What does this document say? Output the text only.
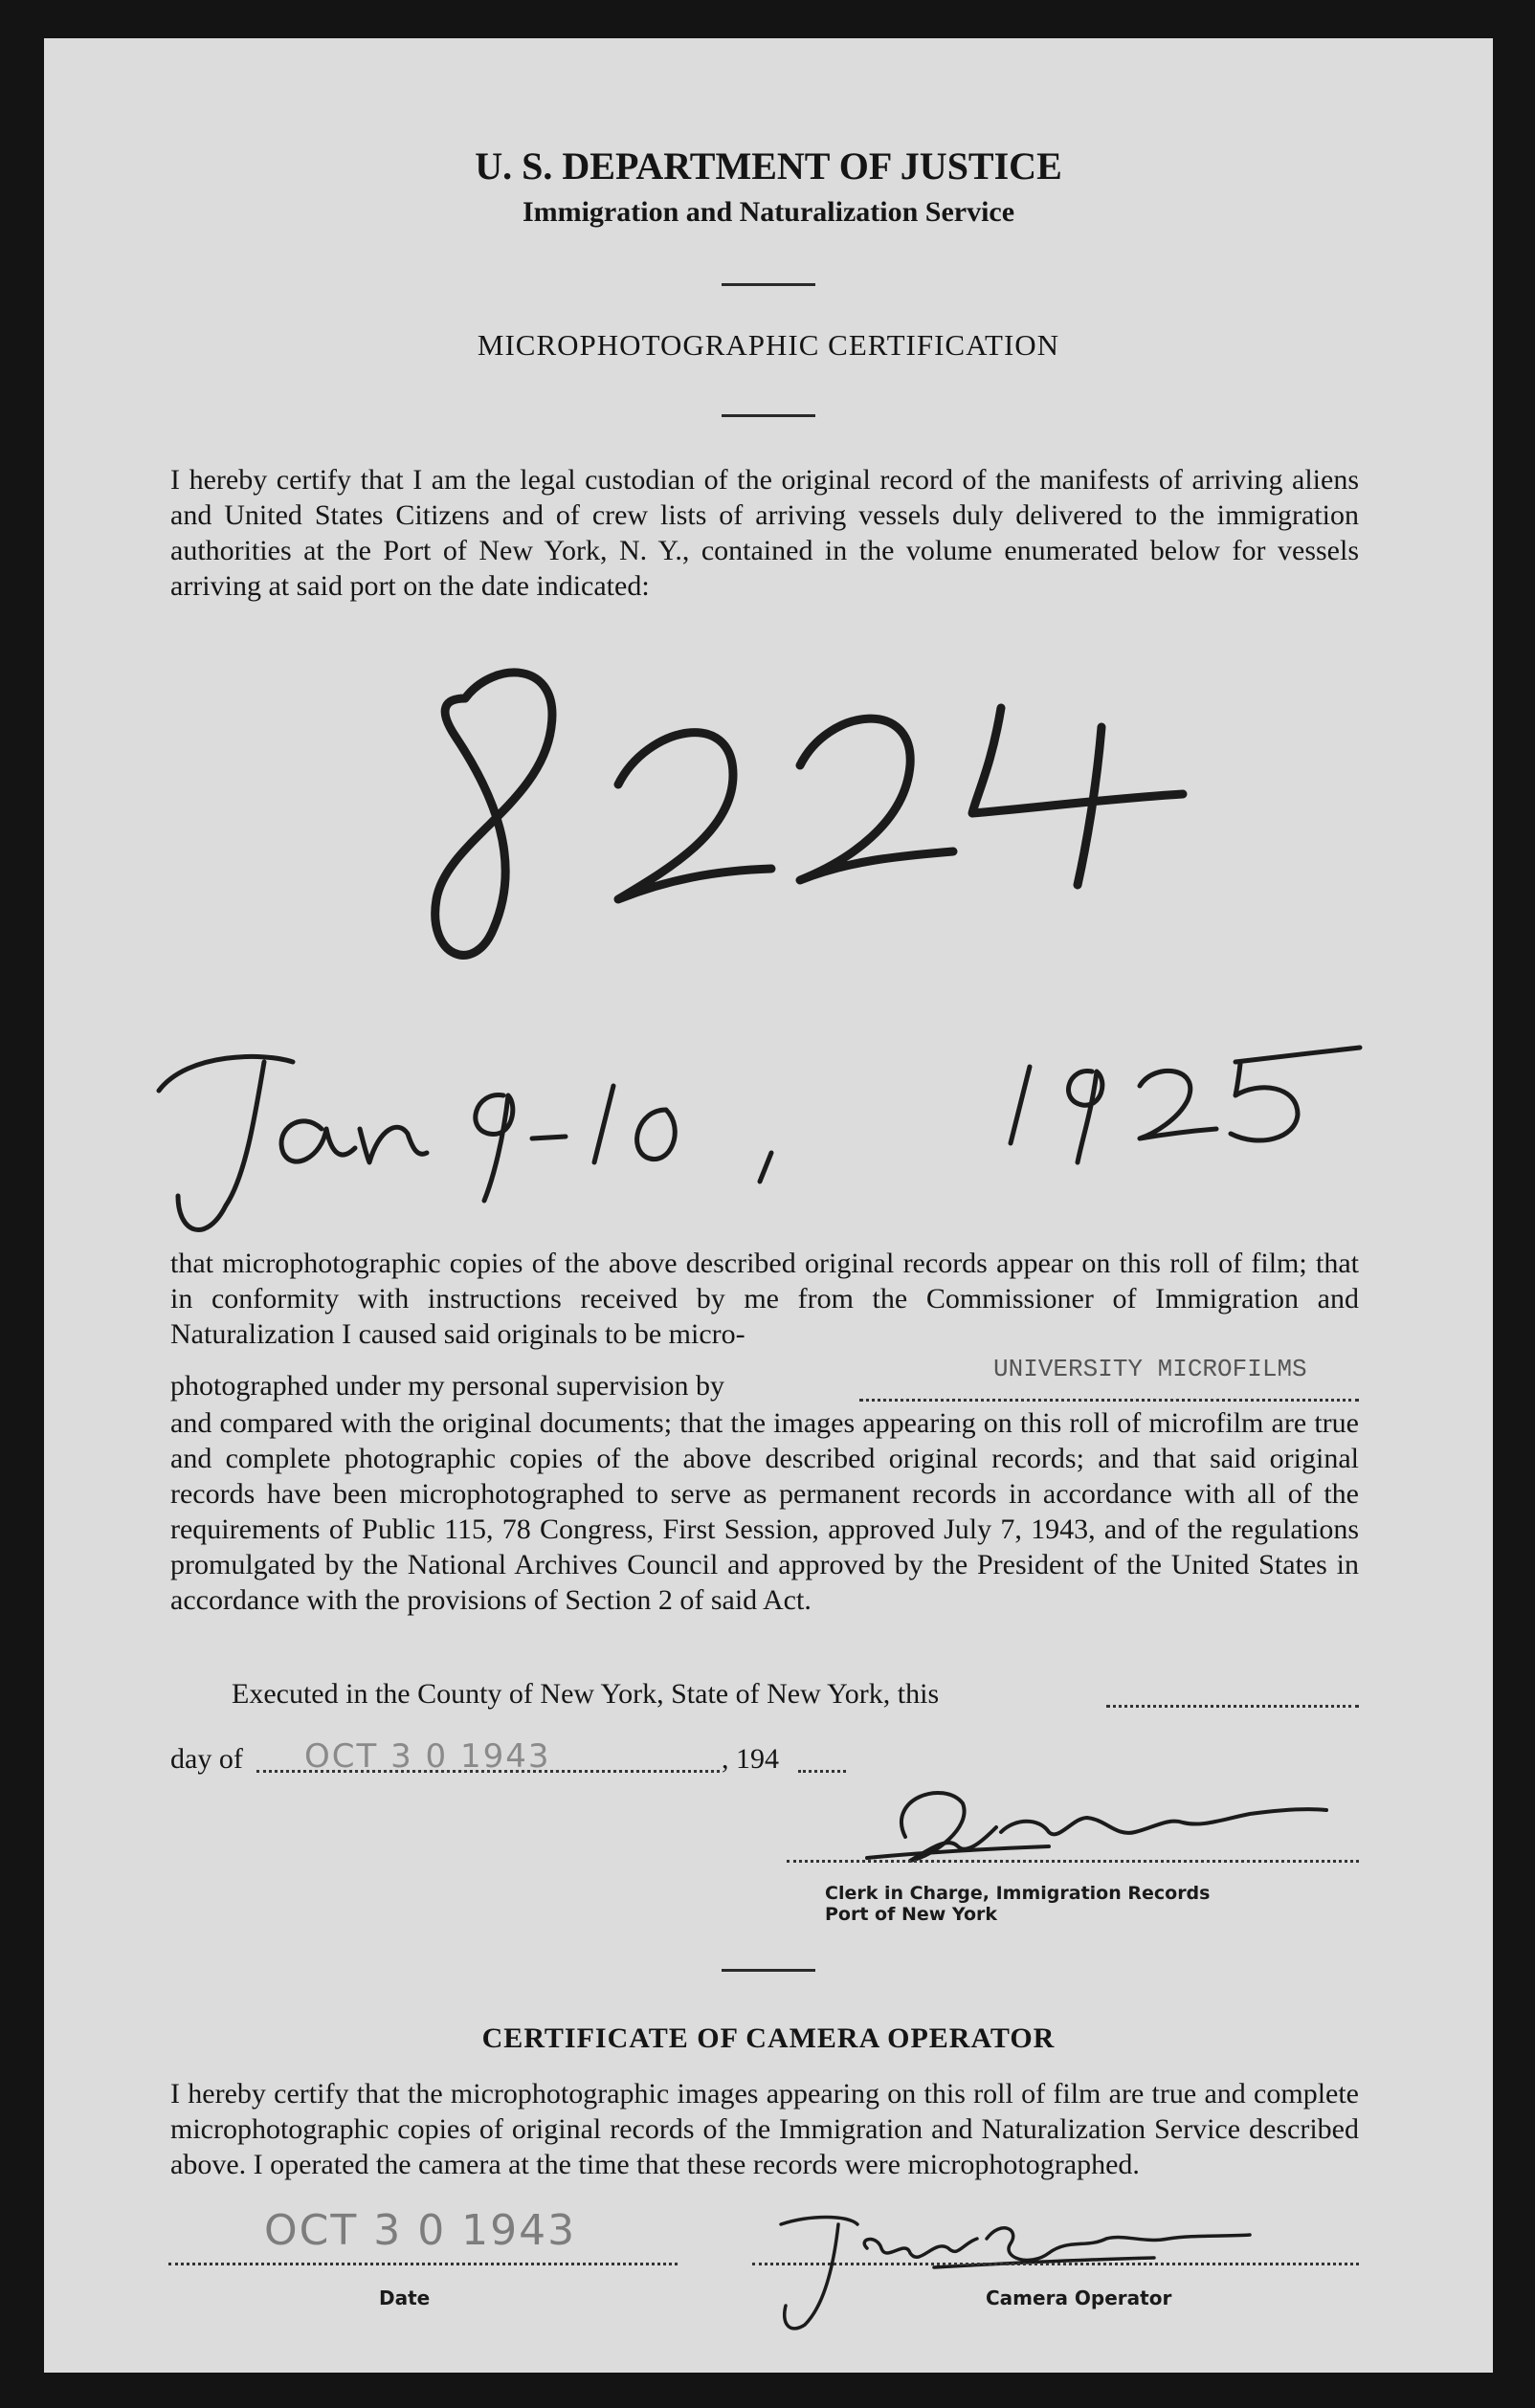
U. S. DEPARTMENT OF JUSTICE
Immigration and Naturalization Service
MICROPHOTOGRAPHIC CERTIFICATION

I hereby certify that I am the legal custodian of the original record of the manifests of arriving aliens and United States Citizens and of crew lists of arriving vessels duly delivered to the immigration authorities at the Port of New York, N. Y., contained in the volume enumerated below for vessels arriving at said port on the date indicated:

that microphotographic copies of the above described original records appear on this roll of film; that in conformity with instructions received by me from the Commissioner of Immigration and Naturalization I caused said originals to be micro-

photographed under my personal supervision by
UNIVERSITY MICROFILMS

and compared with the original documents; that the images appearing on this roll of microfilm are true and complete photographic copies of the above described original records; and that said original records have been microphotographed to serve as permanent records in accordance with all of the requirements of Public 115, 78 Congress, First Session, approved July 7, 1943, and of the regulations promulgated by the National Archives Council and approved by the President of the United States in accordance with the provisions of Section 2 of said Act.

Executed in the County of New York, State of New York, this
day of OCT 3 0 1943	, 194
Clerk in Charge, Immigration Records
Port of New York
CERTIFICATE OF CAMERA OPERATOR

I hereby certify that the microphotographic images appearing on this roll of film are true and complete microphotographic copies of original records of the Immigration and Naturalization Service described above. I operated the camera at the time that these records were microphotographed.

OCT 3 0 1943
Date	Camera Operator
